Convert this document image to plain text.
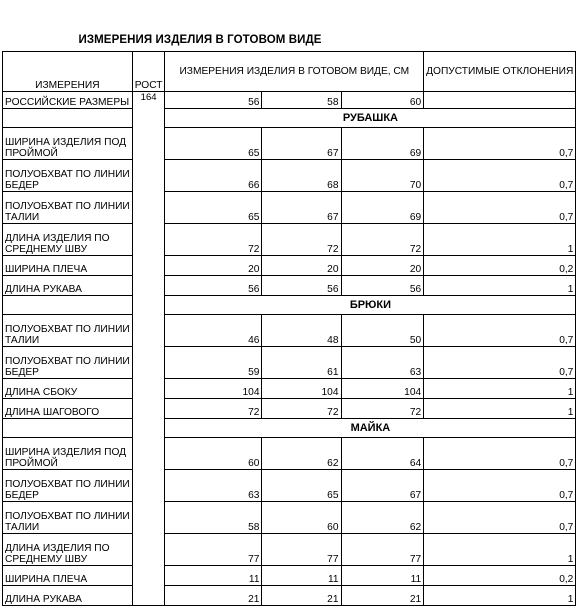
ИЗМЕРЕНИЯ ИЗДЕЛИЯ В ГОТОВОМ ВИДЕ
ИЗМЕРЕНИЯ	РОСТ	ИЗМЕРЕНИЯ ИЗДЕЛИЯ В ГОТОВОМ ВИДЕ, СМ			ДОПУСТИМЫЕ ОТКЛОНЕНИЯ
РОССИЙСКИЕ РАЗМЕРЫ	164	56	58	60	
		РУБАШКА			

ШИРИНА ИЗДЕЛИЯ ПОД
ПРОЙМОЙ		65	67	69	0,7

ПОЛУОБХВАТ ПО ЛИНИИ
БЕДЕР		66	68	70	0,7

ПОЛУОБХВАТ ПО ЛИНИИ
ТАЛИИ		65	67	69	0,7

ДЛИНА ИЗДЕЛИЯ ПО
СРЕДНЕМУ ШВУ		72	72	72	1

ШИРИНА ПЛЕЧА		20	20	20	0,2

ДЛИНА РУКАВА		56	56	56	1
		БРЮКИ			

ПОЛУОБХВАТ ПО ЛИНИИ
ТАЛИИ		46	48	50	0,7

ПОЛУОБХВАТ ПО ЛИНИИ
БЕДЕР		59	61	63	0,7

ДЛИНА СБОКУ		104	104	104	1

ДЛИНА ШАГОВОГО		72	72	72	1
		МАЙКА			

ШИРИНА ИЗДЕЛИЯ ПОД
ПРОЙМОЙ		60	62	64	0,7

ПОЛУОБХВАТ ПО ЛИНИИ
БЕДЕР		63	65	67	0,7

ПОЛУОБХВАТ ПО ЛИНИИ
ТАЛИИ		58	60	62	0,7

ДЛИНА ИЗДЕЛИЯ ПО
СРЕДНЕМУ ШВУ		77	77	77	1

ШИРИНА ПЛЕЧА		11	11	11	0,2

ДЛИНА РУКАВА		21	21	21	1
